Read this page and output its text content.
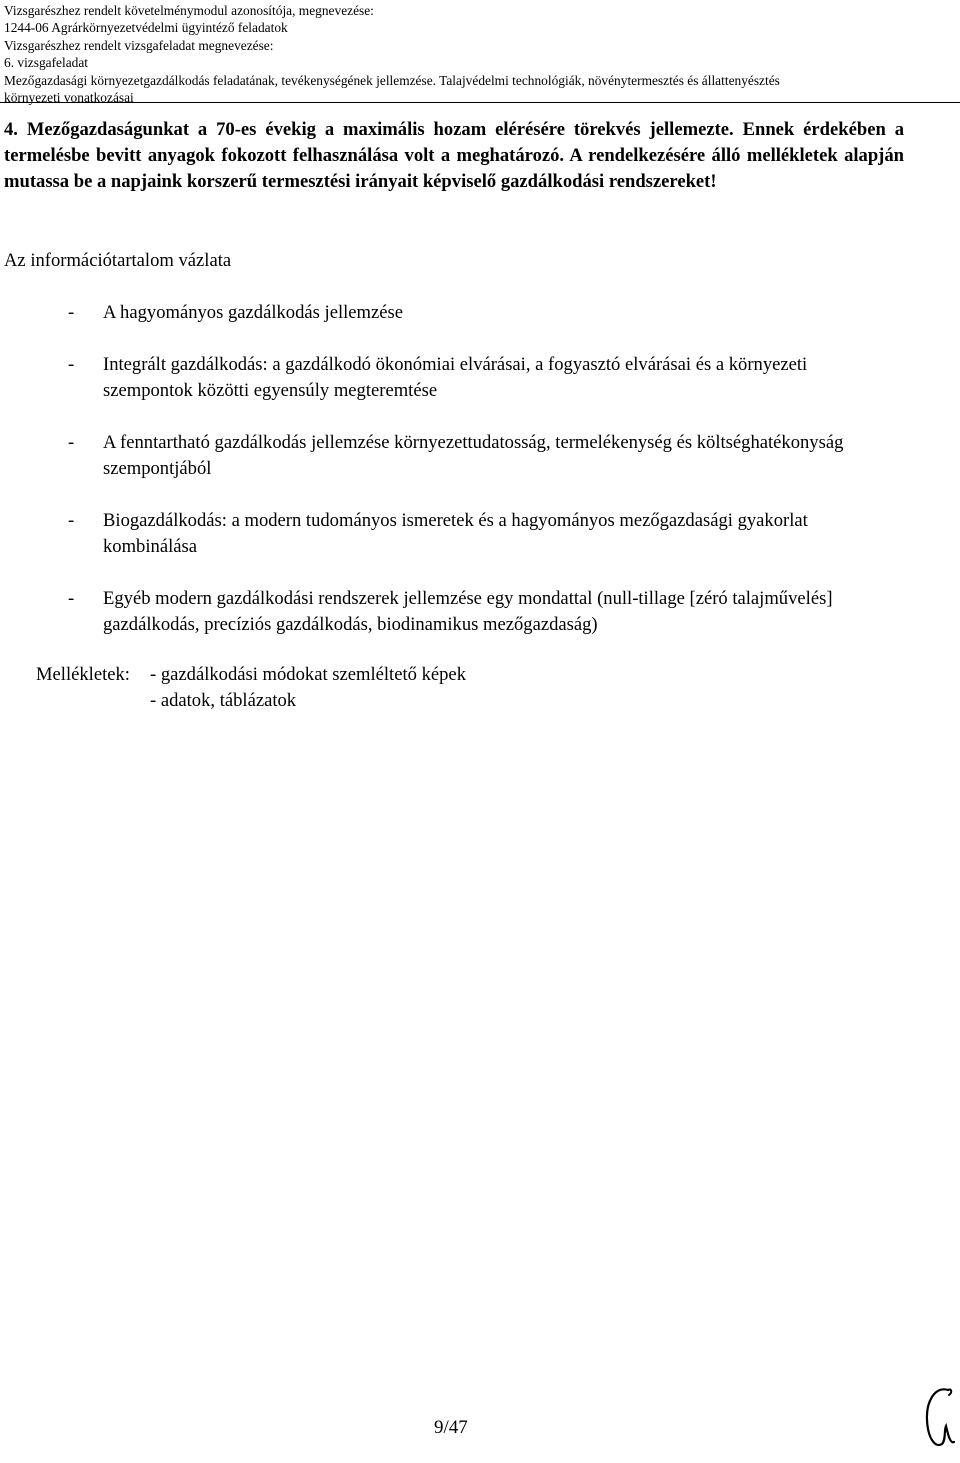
Vizsgarészhez rendelt követelménymodul azonosítója, megnevezése:
1244-06 Agrárkörnyezetvédelmi ügyintéző feladatok
Vizsgarészhez rendelt vizsgafeladat megnevezése:
6. vizsgafeladat
Mezőgazdasági környezetgazdálkodás feladatának, tevékenységének jellemzése. Talajvédelmi technológiák, növénytermesztés és állattenyésztés
környezeti vonatkozásai
4. Mezőgazdaságunkat a 70-es évekig a maximális hozam elérésére törekvés jellemezte. Ennek érdekében a termelésbe bevitt anyagok fokozott felhasználása volt a meghatározó. A rendelkezésére álló mellékletek alapján mutassa be a napjaink korszerű termesztési irányait képviselő gazdálkodási rendszereket!
Az információtartalom vázlata
- A hagyományos gazdálkodás jellemzése
- Integrált gazdálkodás: a gazdálkodó ökonómiai elvárásai, a fogyasztó elvárásai és a környezeti szempontok közötti egyensúly megteremtése
- A fenntartható gazdálkodás jellemzése környezettudatosság, termelékenység és költséghatékonyság szempontjából
- Biogazdálkodás: a modern tudományos ismeretek és a hagyományos mezőgazdasági gyakorlat kombinálása
- Egyéb modern gazdálkodási rendszerek jellemzése egy mondattal (null-tillage [zéró talajművelés] gazdálkodás, precíziós gazdálkodás, biodinamikus mezőgazdaság)
Mellékletek:	- gazdálkodási módokat szemléltető képek
- adatok, táblázatok
9/47
